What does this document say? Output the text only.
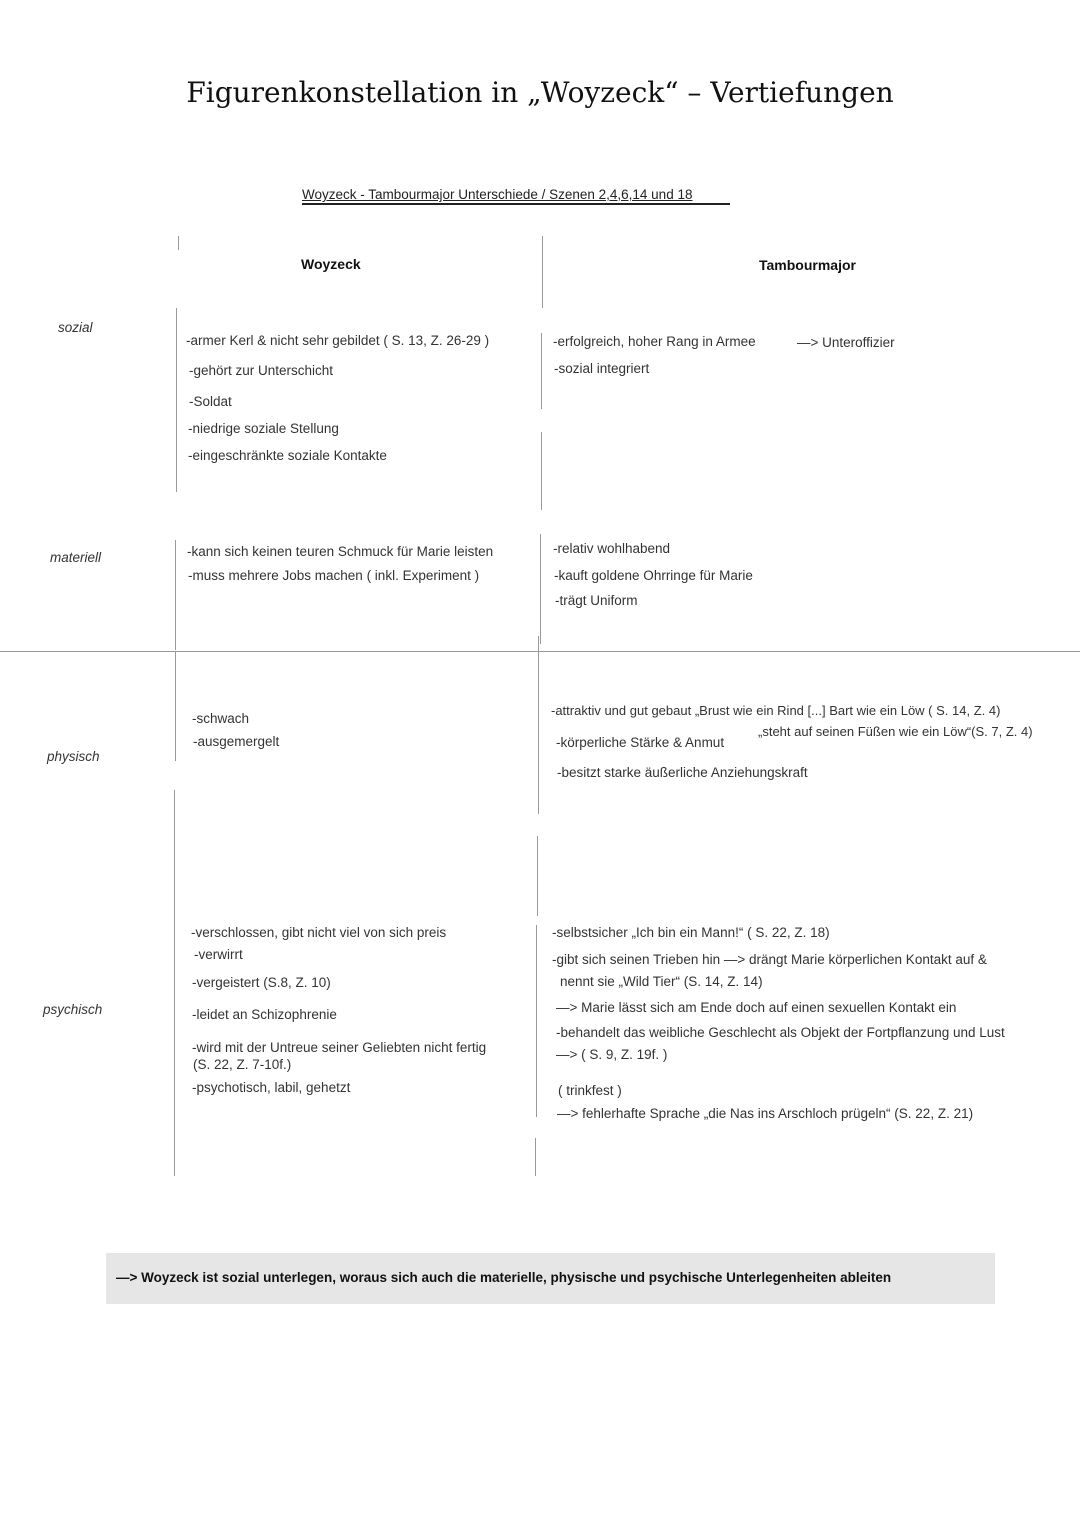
Figurenkonstellation in „Woyzeck“ – Vertiefungen
Woyzeck - Tambourmajor Unterschiede / Szenen 2,4,6,14 und 18
Woyzeck	Tambourmajor
sozial
materiell
physisch
psychisch
-armer Kerl & nicht sehr gebildet ( S. 13, Z. 26-29 )
-gehört zur Unterschicht
-Soldat
-niedrige soziale Stellung
-eingeschränkte soziale Kontakte
-kann sich keinen teuren Schmuck für Marie leisten
-muss mehrere Jobs machen ( inkl. Experiment )
-schwach
-ausgemergelt
-verschlossen, gibt nicht viel von sich preis
-verwirrt
-vergeistert (S.8, Z. 10)
-leidet an Schizophrenie
-wird mit der Untreue seiner Geliebten nicht fertig
(S. 22, Z. 7-10f.)
-psychotisch, labil, gehetzt
-erfolgreich, hoher Rang in Armee	—> Unteroffizier
-sozial integriert
-relativ wohlhabend
-kauft goldene Ohrringe für Marie
-trägt Uniform
-attraktiv und gut gebaut „Brust wie ein Rind [...] Bart wie ein Löw ( S. 14, Z. 4)
„steht auf seinen Füßen wie ein Löw“(S. 7, Z. 4)
-körperliche Stärke & Anmut
-besitzt starke äußerliche Anziehungskraft
-selbstsicher „Ich bin ein Mann!“ ( S. 22, Z. 18)
-gibt sich seinen Trieben hin —> drängt Marie körperlichen Kontakt auf &
nennt sie „Wild Tier“ (S. 14, Z. 14)
—> Marie lässt sich am Ende doch auf einen sexuellen Kontakt ein
-behandelt das weibliche Geschlecht als Objekt der Fortpflanzung und Lust
—> ( S. 9, Z. 19f. )
( trinkfest )
—> fehlerhafte Sprache „die Nas ins Arschloch prügeln“ (S. 22, Z. 21)
—> Woyzeck ist sozial unterlegen, woraus sich auch die materielle, physische und psychische Unterlegenheiten ableiten
